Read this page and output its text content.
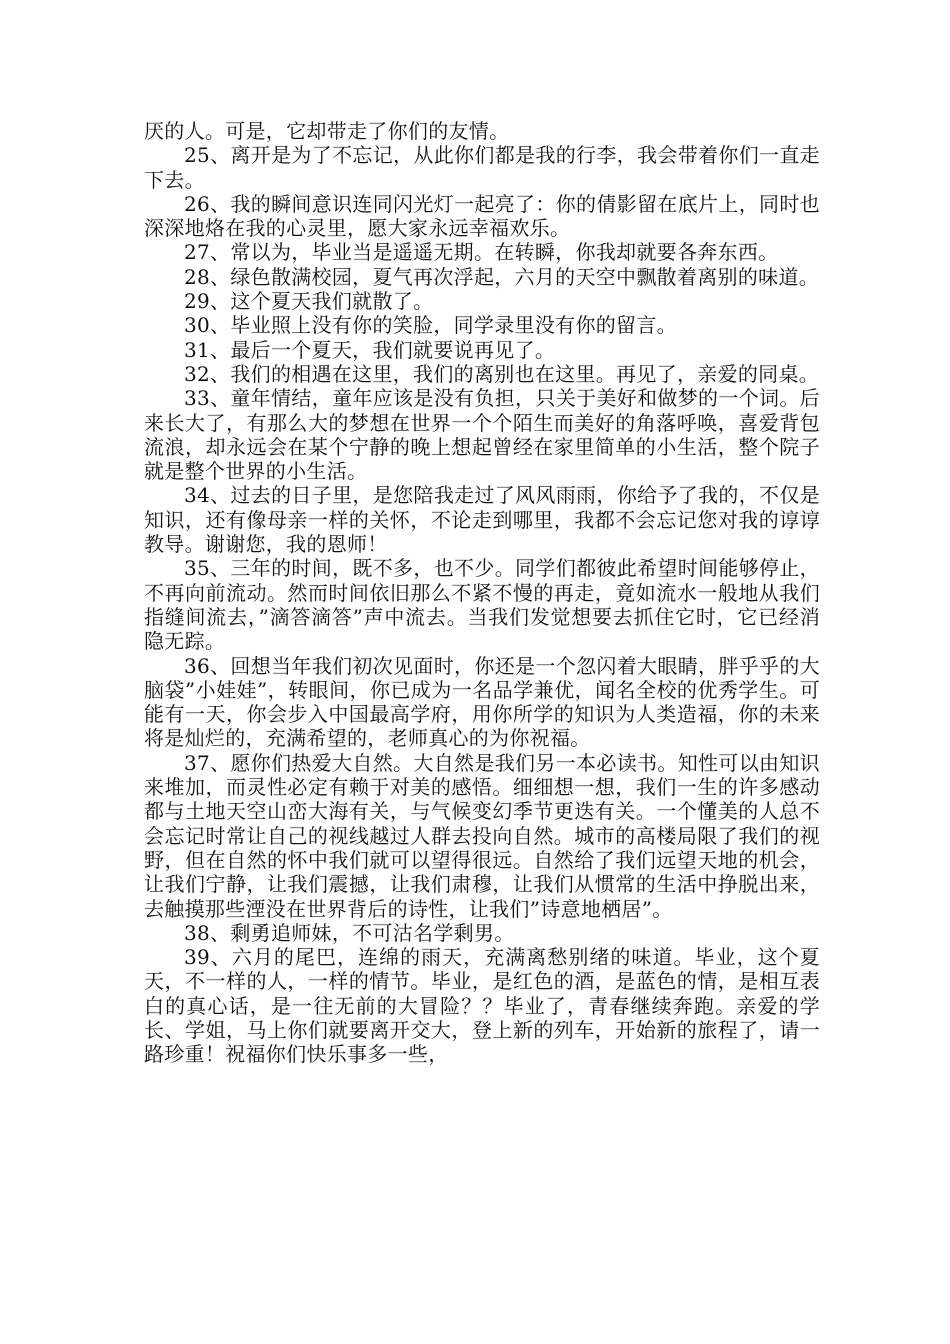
厌的人。可是，它却带走了你们的友情。

25、离开是为了不忘记，从此你们都是我的行李，我会带着你们一直走下去。

26、我的瞬间意识连同闪光灯一起亮了：你的倩影留在底片上，同时也深深地烙在我的心灵里，愿大家永远幸福欢乐。

27、常以为，毕业当是遥遥无期。在转瞬，你我却就要各奔东西。

28、绿色散满校园，夏气再次浮起，六月的天空中飘散着离别的味道。

29、这个夏天我们就散了。

30、毕业照上没有你的笑脸，同学录里没有你的留言。

31、最后一个夏天，我们就要说再见了。

32、我们的相遇在这里，我们的离别也在这里。再见了，亲爱的同桌。

33、童年情结，童年应该是没有负担，只关于美好和做梦的一个词。后来长大了，有那么大的梦想在世界一个个陌生而美好的角落呼唤，喜爱背包流浪，却永远会在某个宁静的晚上想起曾经在家里简单的小生活，整个院子就是整个世界的小生活。

34、过去的日子里，是您陪我走过了风风雨雨，你给予了我的，不仅是知识，还有像母亲一样的关怀，不论走到哪里，我都不会忘记您对我的谆谆教导。谢谢您，我的恩师！

35、三年的时间，既不多，也不少。同学们都彼此希望时间能够停止，不再向前流动。然而时间依旧那么不紧不慢的再走，竟如流水一般地从我们指缝间流去，”滴答滴答”声中流去。当我们发觉想要去抓住它时，它已经消隐无踪。

36、回想当年我们初次见面时，你还是一个忽闪着大眼睛，胖乎乎的大脑袋”小娃娃”，转眼间，你已成为一名品学兼优，闻名全校的优秀学生。可能有一天，你会步入中国最高学府，用你所学的知识为人类造福，你的未来将是灿烂的，充满希望的，老师真心的为你祝福。

37、愿你们热爱大自然。大自然是我们另一本必读书。知性可以由知识来堆加，而灵性必定有赖于对美的感悟。细细想一想，我们一生的许多感动都与土地天空山峦大海有关，与气候变幻季节更迭有关。一个懂美的人总不会忘记时常让自己的视线越过人群去投向自然。城市的高楼局限了我们的视野，但在自然的怀中我们就可以望得很远。自然给了我们远望天地的机会，让我们宁静，让我们震撼，让我们肃穆，让我们从惯常的生活中挣脱出来，去触摸那些湮没在世界背后的诗性，让我们”诗意地栖居”。

38、剩勇追师妹，不可沽名学剩男。

39、六月的尾巴，连绵的雨天，充满离愁别绪的味道。毕业，这个夏天，不一样的人，一样的情节。毕业，是红色的酒，是蓝色的情，是相互表白的真心话，是一往无前的大冒险？？毕业了，青春继续奔跑。亲爱的学长、学姐，马上你们就要离开交大，登上新的列车，开始新的旅程了，请一路珍重！祝福你们快乐事多一些，
